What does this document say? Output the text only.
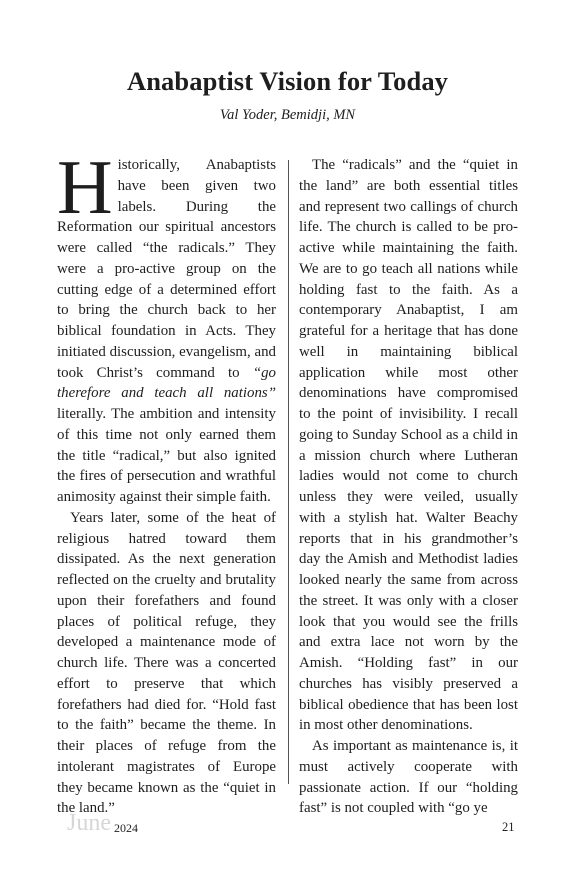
Anabaptist Vision for Today
Val Yoder, Bemidji, MN

Historically, Anabaptists have been given two labels. During the Reformation our spiritual ancestors were called “the radicals.” They were a pro-active group on the cutting edge of a determined effort to bring the church back to her biblical foundation in Acts. They initiated discussion, evangelism, and took Christ’s command to “go therefore and teach all nations” literally. The ambition and intensity of this time not only earned them the title “radical,” but also ignited the fires of persecution and wrathful animosity against their simple faith.

Years later, some of the heat of religious hatred toward them dissipated. As the next generation reflected on the cruelty and brutality upon their forefathers and found places of political refuge, they developed a maintenance mode of church life. There was a concerted effort to preserve that which forefathers had died for. “Hold fast to the faith” became the theme. In their places of refuge from the intolerant magistrates of Europe they became known as the “quiet in the land.”

The “radicals” and the “quiet in the land” are both essential titles and represent two callings of church life. The church is called to be pro-active while maintaining the faith. We are to go teach all nations while holding fast to the faith. As a contemporary Anabaptist, I am grateful for a heritage that has done well in maintaining biblical application while most other denominations have compromised to the point of invisibility. I recall going to Sunday School as a child in a mission church where Lutheran ladies would not come to church unless they were veiled, usually with a stylish hat. Walter Beachy reports that in his grandmother’s day the Amish and Methodist ladies looked nearly the same from across the street. It was only with a closer look that you would see the frills and extra lace not worn by the Amish. “Holding fast” in our churches has visibly preserved a biblical obedience that has been lost in most other denominations.

As important as maintenance is, it must actively cooperate with passionate action. If our “holding fast” is not coupled with “go ye

June 2024	21
